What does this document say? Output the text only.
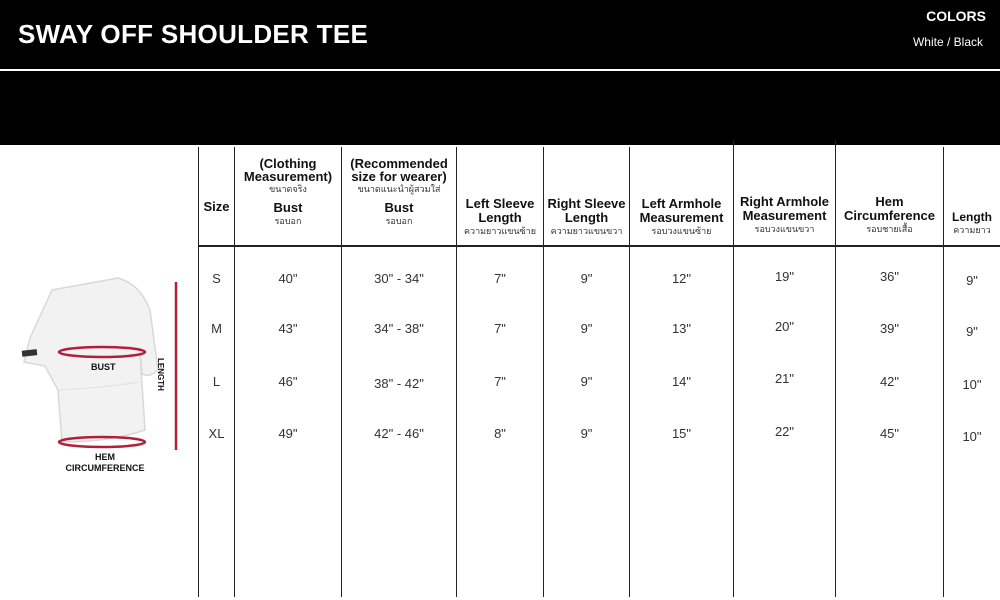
SWAY OFF SHOULDER TEE
COLORS
White / Black
BUST
HEM CIRCUMFERENCE
LENGTH
Size
(Clothing Measurement)
ขนาดจริง
Bust
รอบอก
(Recommended size for wearer)
ขนาดแนะนำผู้สวมใส่
Bust
รอบอก
Left Sleeve Length
ความยาวแขนซ้าย
Right Sleeve Length
ความยาวแขนขวา
Left Armhole Measurement
รอบวงแขนซ้าย
Right Armhole Measurement
รอบวงแขนขวา
Hem Circumference
รอบชายเสื้อ
Length
ความยาว
S	40"	30" - 34"	7"	9"	12"	19"	36"	9"
M	43"	34" - 38"	7"	9"	13"	20"	39"	9"
L	46"	38" - 42"	7"	9"	14"	21"	42"	10"
XL	49"	42" - 46"	8"	9"	15"	22"	45"	10"
